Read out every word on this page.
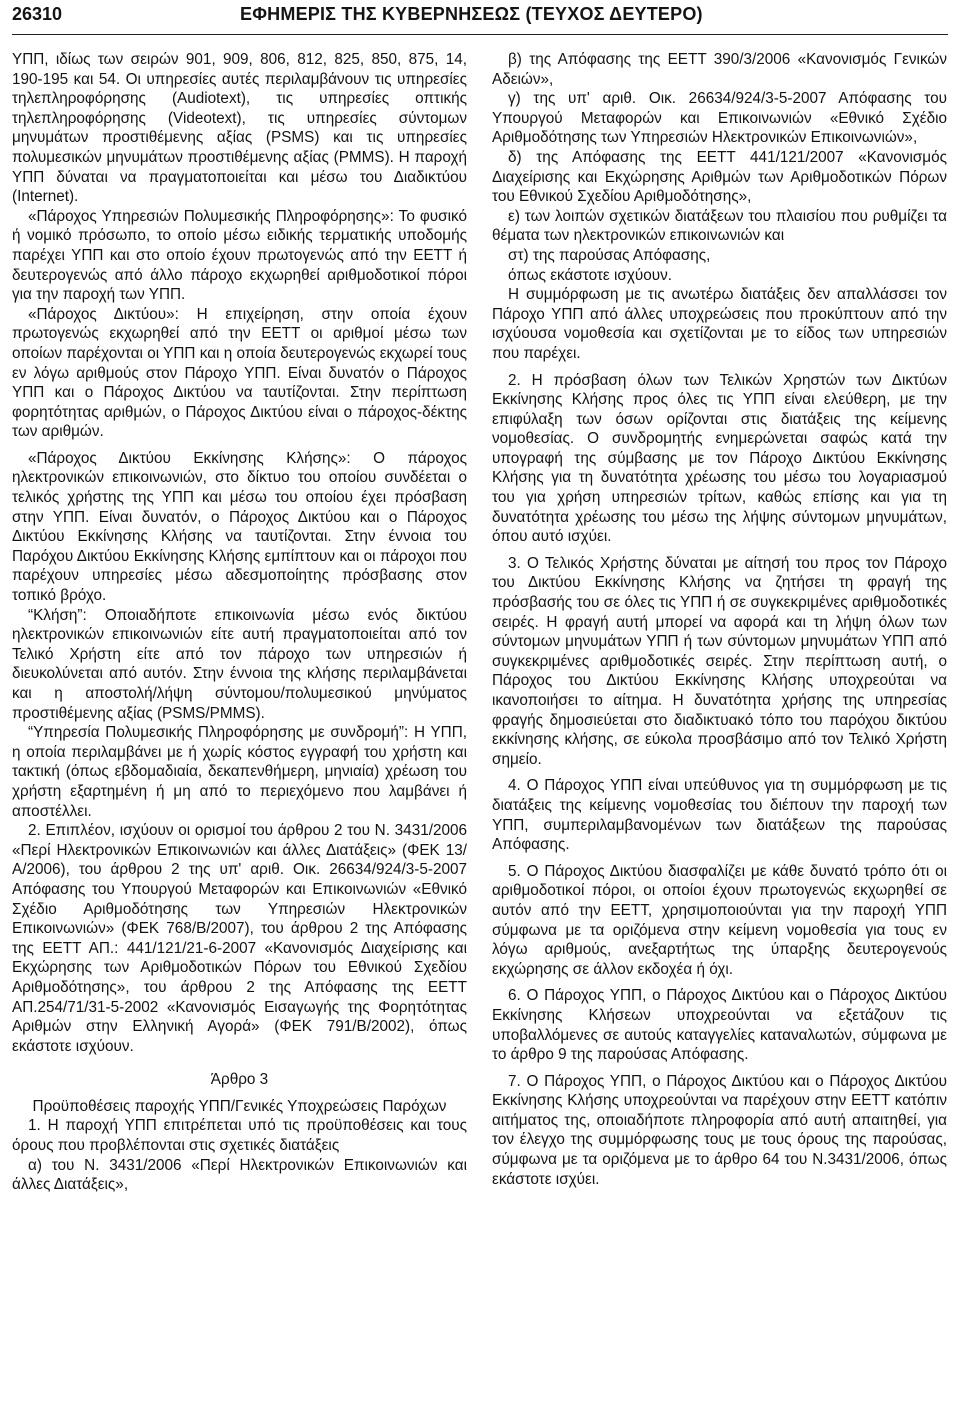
26310	ΕΦΗΜΕΡΙΣ ΤΗΣ ΚΥΒΕΡΝΗΣΕΩΣ (ΤΕΥΧΟΣ ΔΕΥΤΕΡΟ)

ΥΠΠ, ιδίως των σειρών 901, 909, 806, 812, 825, 850, 875, 14, 190-195 και 54. Οι υπηρεσίες αυτές περιλαμβάνουν τις υπηρεσίες τηλεπληροφόρησης (Audiotext), τις υπηρεσίες οπτικής τηλεπληροφόρησης (Videotext), τις υπηρεσίες σύντομων μηνυμάτων προστιθέμενης αξίας (PSMS) και τις υπηρεσίες πολυμεσικών μηνυμάτων προστιθέμενης αξίας (PMMS). Η παροχή ΥΠΠ δύναται να πραγματοποιείται και μέσω του Διαδικτύου (Internet).

«Πάροχος Υπηρεσιών Πολυμεσικής Πληροφόρησης»: Το φυσικό ή νομικό πρόσωπο, το οποίο μέσω ειδικής τερματικής υποδομής παρέχει ΥΠΠ και στο οποίο έχουν πρωτογενώς από την ΕΕΤΤ ή δευτερογενώς από άλλο πάροχο εκχωρηθεί αριθμοδοτικοί πόροι για την παροχή των ΥΠΠ.

«Πάροχος Δικτύου»: Η επιχείρηση, στην οποία έχουν πρωτογενώς εκχωρηθεί από την ΕΕΤΤ οι αριθμοί μέσω των οποίων παρέχονται οι ΥΠΠ και η οποία δευτερογενώς εκχωρεί τους εν λόγω αριθμούς στον Πάροχο ΥΠΠ. Είναι δυνατόν ο Πάροχος ΥΠΠ και ο Πάροχος Δικτύου να ταυτίζονται. Στην περίπτωση φορητότητας αριθμών, ο Πάροχος Δικτύου είναι ο πάροχος-δέκτης των αριθμών.

«Πάροχος Δικτύου Εκκίνησης Κλήσης»: Ο πάροχος ηλεκτρονικών επικοινωνιών, στο δίκτυο του οποίου συνδέεται ο τελικός χρήστης της ΥΠΠ και μέσω του οποίου έχει πρόσβαση στην ΥΠΠ. Είναι δυνατόν, ο Πάροχος Δικτύου και ο Πάροχος Δικτύου Εκκίνησης Κλήσης να ταυτίζονται. Στην έννοια του Παρόχου Δικτύου Εκκίνησης Κλήσης εμπίπτουν και οι πάροχοι που παρέχουν υπηρεσίες μέσω αδεσμοποίητης πρόσβασης στον τοπικό βρόχο.

“Κλήση”: Οποιαδήποτε επικοινωνία μέσω ενός δικτύου ηλεκτρονικών επικοινωνιών είτε αυτή πραγματοποιείται από τον Τελικό Χρήστη είτε από τον πάροχο των υπηρεσιών ή διευκολύνεται από αυτόν. Στην έννοια της κλήσης περιλαμβάνεται και η αποστολή/λήψη σύντομου/πολυμεσικού μηνύματος προστιθέμενης αξίας (PSMS/PMMS).

“Υπηρεσία Πολυμεσικής Πληροφόρησης με συνδρομή”: Η ΥΠΠ, η οποία περιλαμβάνει με ή χωρίς κόστος εγγραφή του χρήστη και τακτική (όπως εβδομαδιαία, δεκαπενθήμερη, μηνιαία) χρέωση του χρήστη εξαρτημένη ή μη από το περιεχόμενο που λαμβάνει ή αποστέλλει.

2. Επιπλέον, ισχύουν οι ορισμοί του άρθρου 2 του Ν. 3431/2006 «Περί Ηλεκτρονικών Επικοινωνιών και άλλες Διατάξεις» (ΦΕΚ 13/Α/2006), του άρθρου 2 της υπ' αριθ. Οικ. 26634/924/3-5-2007 Απόφασης του Υπουργού Μεταφορών και Επικοινωνιών «Εθνικό Σχέδιο Αριθμοδότησης των Υπηρεσιών Ηλεκτρονικών Επικοινωνιών» (ΦΕΚ 768/Β/2007), του άρθρου 2 της Απόφασης της ΕΕΤΤ ΑΠ.: 441/121/21-6-2007 «Κανονισμός Διαχείρισης και Εκχώρησης των Αριθμοδοτικών Πόρων του Εθνικού Σχεδίου Αριθμοδότησης», του άρθρου 2 της Απόφασης της ΕΕΤΤ ΑΠ.254/71/31-5-2002 «Κανονισμός Εισαγωγής της Φορητότητας Αριθμών στην Ελληνική Αγορά» (ΦΕΚ 791/Β/2002), όπως εκάστοτε ισχύουν.

Άρθρο 3

Προϋποθέσεις παροχής ΥΠΠ/Γενικές Υποχρεώσεις Παρόχων

1. Η παροχή ΥΠΠ επιτρέπεται υπό τις προϋποθέσεις και τους όρους που προβλέπονται στις σχετικές διατάξεις

α) του Ν. 3431/2006 «Περί Ηλεκτρονικών Επικοινωνιών και άλλες Διατάξεις»,

β) της Απόφασης της ΕΕΤΤ 390/3/2006 «Κανονισμός Γενικών Αδειών»,

γ) της υπ' αριθ. Οικ. 26634/924/3-5-2007 Απόφασης του Υπουργού Μεταφορών και Επικοινωνιών «Εθνικό Σχέδιο Αριθμοδότησης των Υπηρεσιών Ηλεκτρονικών Επικοινωνιών»,

δ) της Απόφασης της ΕΕΤΤ 441/121/2007 «Κανονισμός Διαχείρισης και Εκχώρησης Αριθμών των Αριθμοδοτικών Πόρων του Εθνικού Σχεδίου Αριθμοδότησης»,

ε) των λοιπών σχετικών διατάξεων του πλαισίου που ρυθμίζει τα θέματα των ηλεκτρονικών επικοινωνιών και

στ) της παρούσας Απόφασης,

όπως εκάστοτε ισχύουν.

Η συμμόρφωση με τις ανωτέρω διατάξεις δεν απαλλάσσει τον Πάροχο ΥΠΠ από άλλες υποχρεώσεις που προκύπτουν από την ισχύουσα νομοθεσία και σχετίζονται με το είδος των υπηρεσιών που παρέχει.

2. Η πρόσβαση όλων των Τελικών Χρηστών των Δικτύων Εκκίνησης Κλήσης προς όλες τις ΥΠΠ είναι ελεύθερη, με την επιφύλαξη των όσων ορίζονται στις διατάξεις της κείμενης νομοθεσίας. Ο συνδρομητής ενημερώνεται σαφώς κατά την υπογραφή της σύμβασης με τον Πάροχο Δικτύου Εκκίνησης Κλήσης για τη δυνατότητα χρέωσης του μέσω του λογαριασμού του για χρήση υπηρεσιών τρίτων, καθώς επίσης και για τη δυνατότητα χρέωσης του μέσω της λήψης σύντομων μηνυμάτων, όπου αυτό ισχύει.

3. Ο Τελικός Χρήστης δύναται με αίτησή του προς τον Πάροχο του Δικτύου Εκκίνησης Κλήσης να ζητήσει τη φραγή της πρόσβασής του σε όλες τις ΥΠΠ ή σε συγκεκριμένες αριθμοδοτικές σειρές. Η φραγή αυτή μπορεί να αφορά και τη λήψη όλων των σύντομων μηνυμάτων ΥΠΠ ή των σύντομων μηνυμάτων ΥΠΠ από συγκεκριμένες αριθμοδοτικές σειρές. Στην περίπτωση αυτή, ο Πάροχος του Δικτύου Εκκίνησης Κλήσης υποχρεούται να ικανοποιήσει το αίτημα. Η δυνατότητα χρήσης της υπηρεσίας φραγής δημοσιεύεται στο διαδικτυακό τόπο του παρόχου δικτύου εκκίνησης κλήσης, σε εύκολα προσβάσιμο από τον Τελικό Χρήστη σημείο.

4. Ο Πάροχος ΥΠΠ είναι υπεύθυνος για τη συμμόρφωση με τις διατάξεις της κείμενης νομοθεσίας του διέπουν την παροχή των ΥΠΠ, συμπεριλαμβανομένων των διατάξεων της παρούσας Απόφασης.

5. Ο Πάροχος Δικτύου διασφαλίζει με κάθε δυνατό τρόπο ότι οι αριθμοδοτικοί πόροι, οι οποίοι έχουν πρωτογενώς εκχωρηθεί σε αυτόν από την ΕΕΤΤ, χρησιμοποιούνται για την παροχή ΥΠΠ σύμφωνα με τα οριζόμενα στην κείμενη νομοθεσία για τους εν λόγω αριθμούς, ανεξαρτήτως της ύπαρξης δευτερογενούς εκχώρησης σε άλλον εκδοχέα ή όχι.

6. Ο Πάροχος ΥΠΠ, ο Πάροχος Δικτύου και ο Πάροχος Δικτύου Εκκίνησης Κλήσεων υποχρεούνται να εξετάζουν τις υποβαλλόμενες σε αυτούς καταγγελίες καταναλωτών, σύμφωνα με το άρθρο 9 της παρούσας Απόφασης.

7. Ο Πάροχος ΥΠΠ, ο Πάροχος Δικτύου και ο Πάροχος Δικτύου Εκκίνησης Κλήσης υποχρεούνται να παρέχουν στην ΕΕΤΤ κατόπιν αιτήματος της, οποιαδήποτε πληροφορία από αυτή απαιτηθεί, για τον έλεγχο της συμμόρφωσης τους με τους όρους της παρούσας, σύμφωνα με τα οριζόμενα με το άρθρο 64 του Ν.3431/2006, όπως εκάστοτε ισχύει.
